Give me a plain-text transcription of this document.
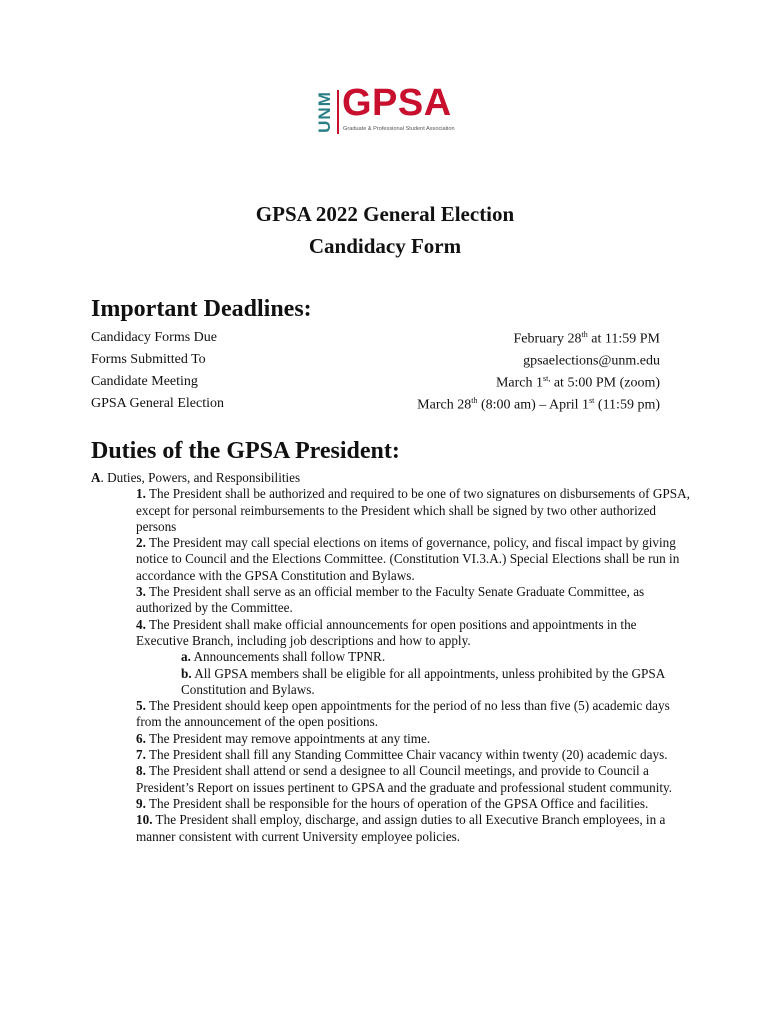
UNM GPSA
Graduate & Professional Student Association
GPSA 2022 General Election
Candidacy Form
Important Deadlines:
Candidacy Forms Due	February 28th at 11:59 PM
Forms Submitted To	gpsaelections@unm.edu
Candidate Meeting	March $1^{st,}$ at 5:00 PM (zoom)
GPSA General Election	March 28th (8:00 am) – April 1st (11:59 pm)
Duties of the GPSA President:
A. Duties, Powers, and Responsibilities
1. The President shall be authorized and required to be one of two signatures on disbursements of GPSA, except for personal reimbursements to the President which shall be signed by two other authorized persons
2. The President may call special elections on items of governance, policy, and fiscal impact by giving notice to Council and the Elections Committee. (Constitution VI.3.A.) Special Elections shall be run in accordance with the GPSA Constitution and Bylaws.
3. The President shall serve as an official member to the Faculty Senate Graduate Committee, as authorized by the Committee.
4. The President shall make official announcements for open positions and appointments in the Executive Branch, including job descriptions and how to apply.
a. Announcements shall follow TPNR.
b. All GPSA members shall be eligible for all appointments, unless prohibited by the GPSA Constitution and Bylaws.
5. The President should keep open appointments for the period of no less than five (5) academic days from the announcement of the open positions.
6. The President may remove appointments at any time.
7. The President shall fill any Standing Committee Chair vacancy within twenty (20) academic days.
8. The President shall attend or send a designee to all Council meetings, and provide to Council a President’s Report on issues pertinent to GPSA and the graduate and professional student community.
9. The President shall be responsible for the hours of operation of the GPSA Office and facilities.
10. The President shall employ, discharge, and assign duties to all Executive Branch employees, in a manner consistent with current University employee policies.
